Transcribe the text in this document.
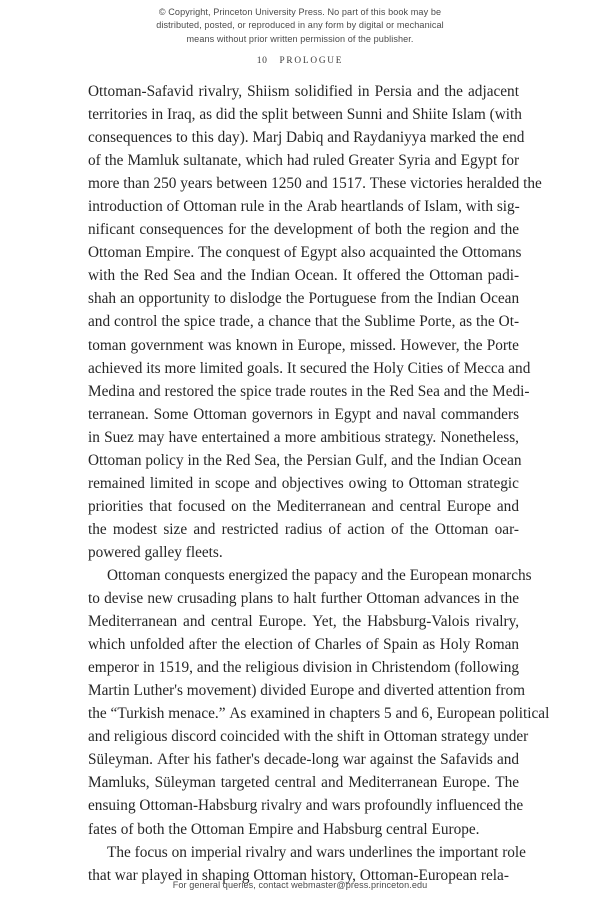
© Copyright, Princeton University Press. No part of this book may be
distributed, posted, or reproduced in any form by digital or mechanical
means without prior written permission of the publisher.
10 PROLOGUE

Ottoman-Safavid rivalry, Shiism solidified in Persia and the adjacent
territories in Iraq, as did the split between Sunni and Shiite Islam (with
consequences to this day). Marj Dabiq and Raydaniyya marked the end
of the Mamluk sultanate, which had ruled Greater Syria and Egypt for
more than 250 years between 1250 and 1517. These victories heralded the
introduction of Ottoman rule in the Arab heartlands of Islam, with sig-
nificant consequences for the development of both the region and the
Ottoman Empire. The conquest of Egypt also acquainted the Ottomans
with the Red Sea and the Indian Ocean. It offered the Ottoman padi-
shah an opportunity to dislodge the Portuguese from the Indian Ocean
and control the spice trade, a chance that the Sublime Porte, as the Ot-
toman government was known in Europe, missed. However, the Porte
achieved its more limited goals. It secured the Holy Cities of Mecca and
Medina and restored the spice trade routes in the Red Sea and the Medi-
terranean. Some Ottoman governors in Egypt and naval commanders
in Suez may have entertained a more ambitious strategy. Nonetheless,
Ottoman policy in the Red Sea, the Persian Gulf, and the Indian Ocean
remained limited in scope and objectives owing to Ottoman strategic
priorities that focused on the Mediterranean and central Europe and
the modest size and restricted radius of action of the Ottoman oar-
powered galley fleets.

Ottoman conquests energized the papacy and the European monarchs
to devise new crusading plans to halt further Ottoman advances in the
Mediterranean and central Europe. Yet, the Habsburg-Valois rivalry,
which unfolded after the election of Charles of Spain as Holy Roman
emperor in 1519, and the religious division in Christendom (following
Martin Luther's movement) divided Europe and diverted attention from
the “Turkish menace.” As examined in chapters 5 and 6, European political
and religious discord coincided with the shift in Ottoman strategy under
Süleyman. After his father's decade-long war against the Safavids and
Mamluks, Süleyman targeted central and Mediterranean Europe. The
ensuing Ottoman-Habsburg rivalry and wars profoundly influenced the
fates of both the Ottoman Empire and Habsburg central Europe.

The focus on imperial rivalry and wars underlines the important role
that war played in shaping Ottoman history, Ottoman-European rela-

For general queries, contact webmaster@press.princeton.edu
